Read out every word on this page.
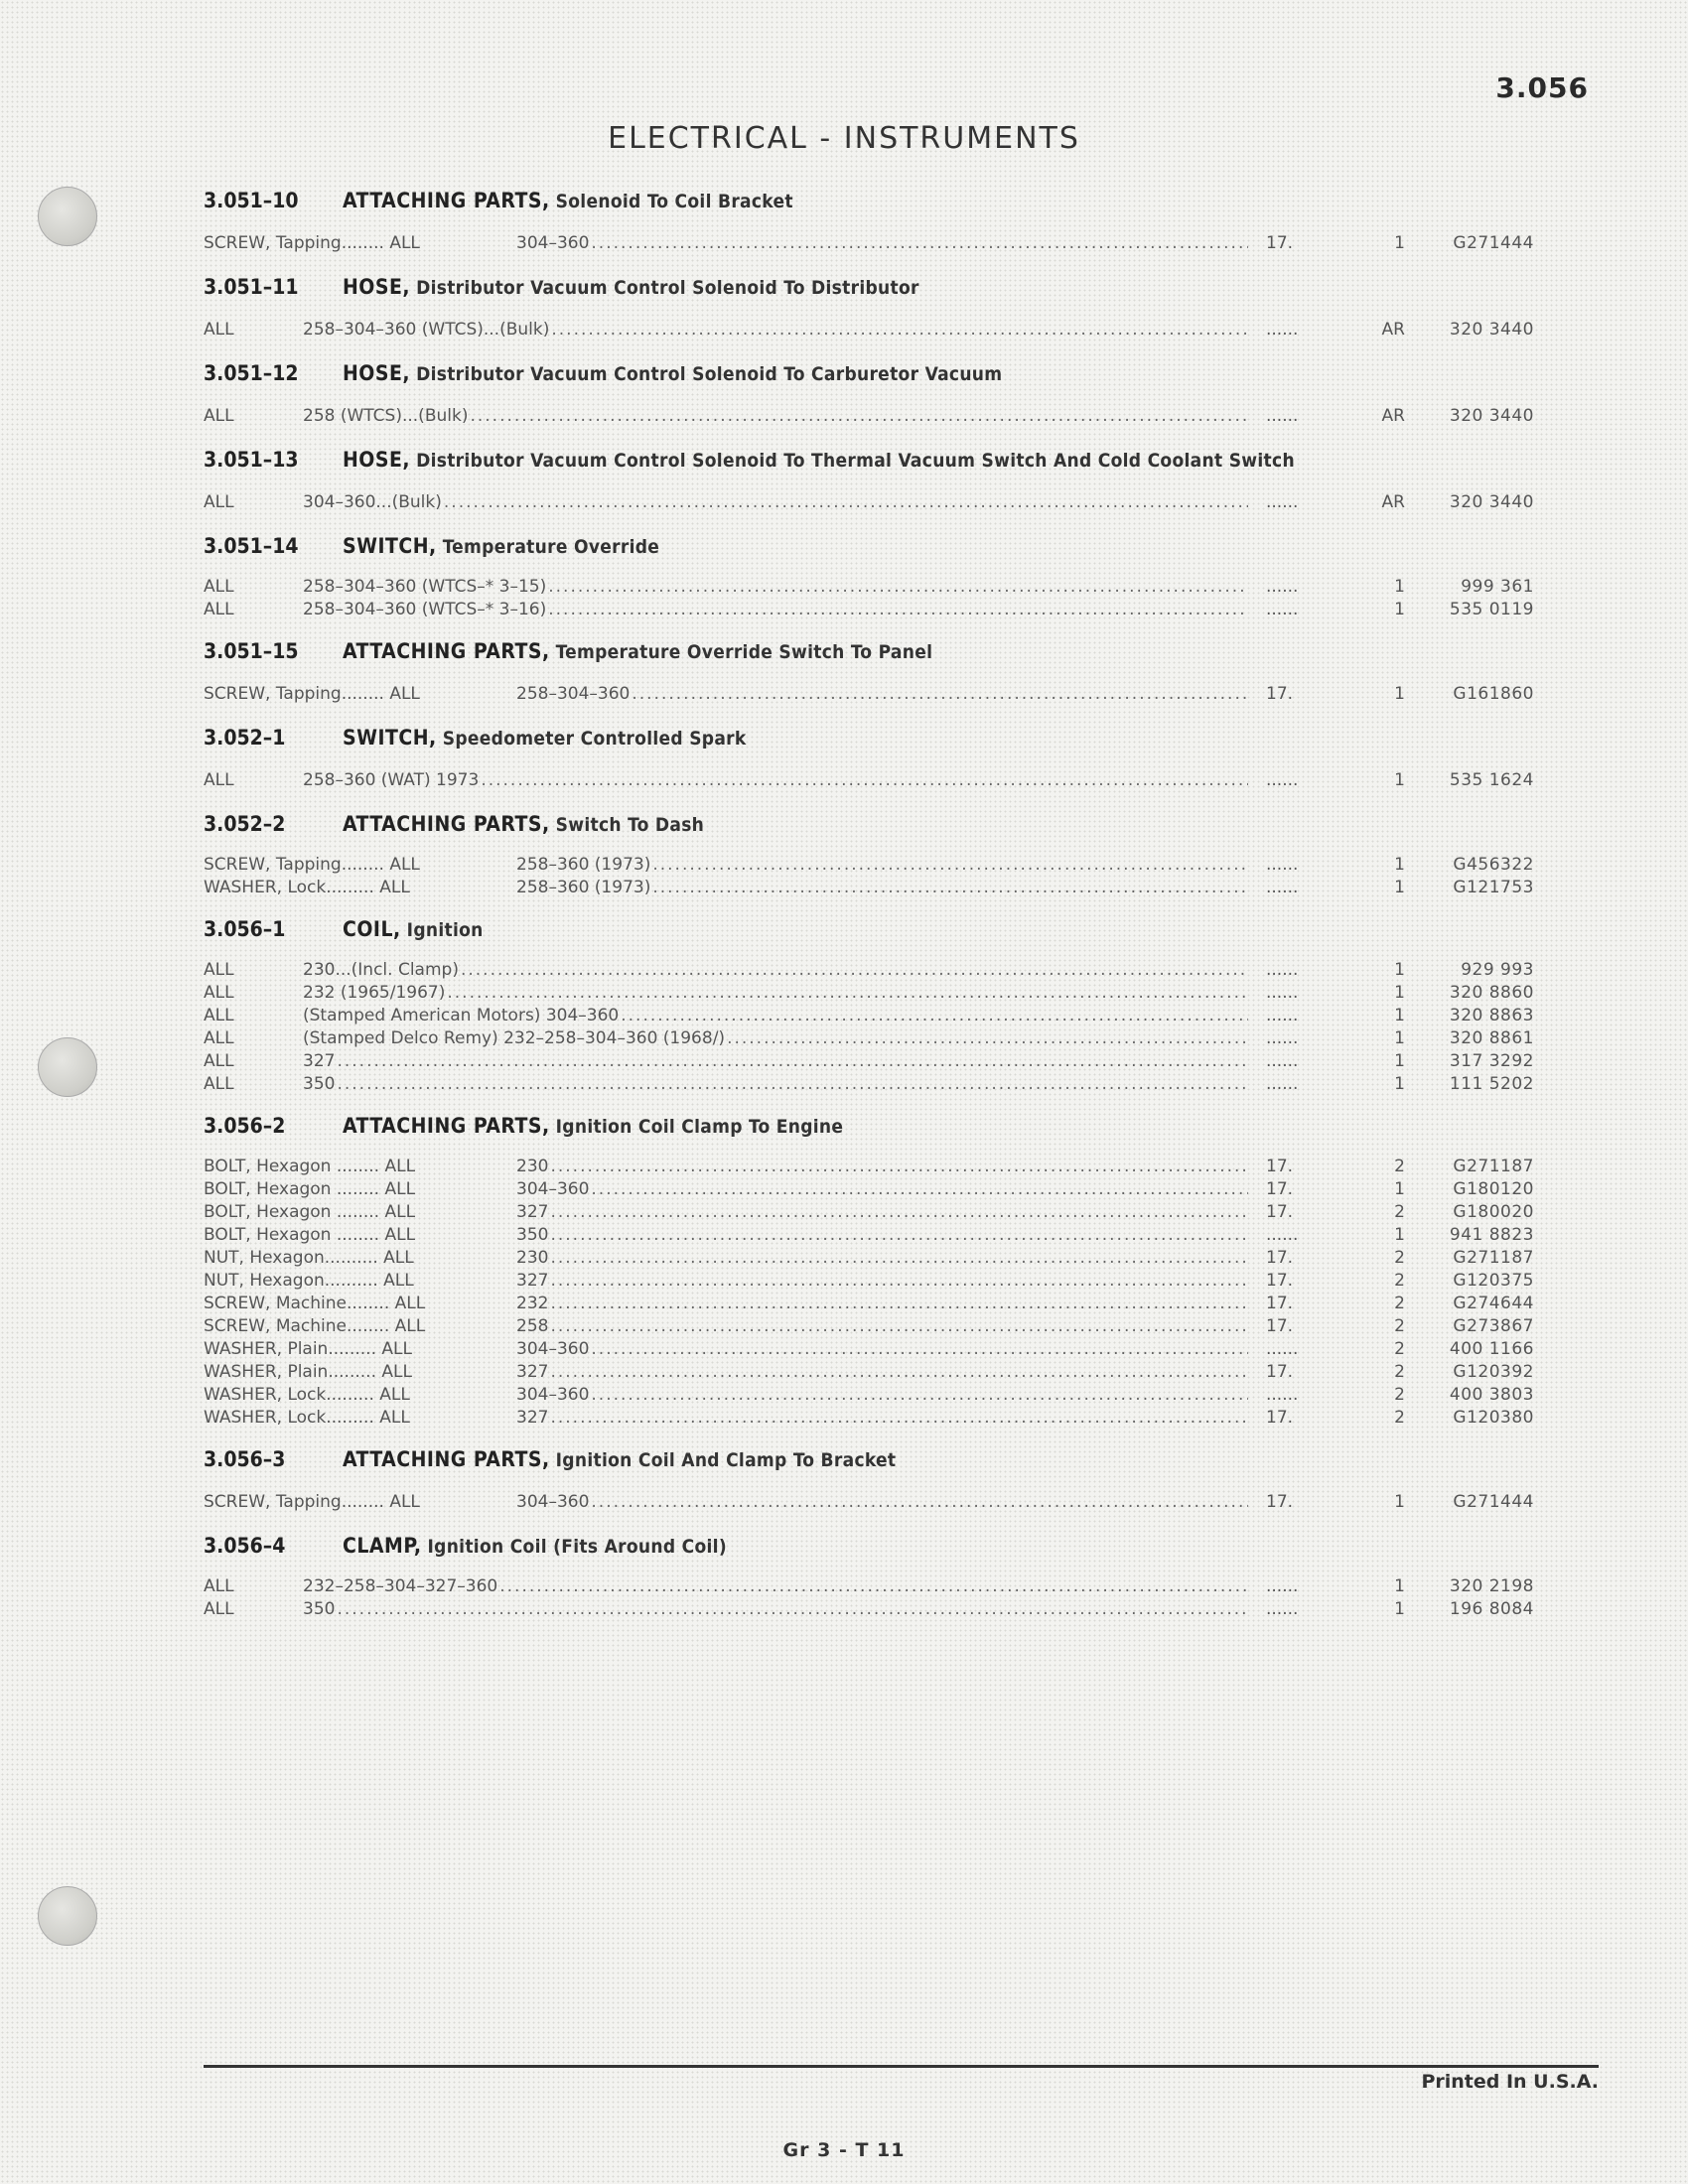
3.056
ELECTRICAL - INSTRUMENTS
3.051–10 ATTACHING PARTS, Solenoid To Coil Bracket
SCREW, Tapping........ ALL	304–360 .....	17.	1	G271444
3.051–11 HOSE, Distributor Vacuum Control Solenoid To Distributor
ALL	258–304–360 (WTCS)...(Bulk) .....	......	AR	320 3440
3.051–12 HOSE, Distributor Vacuum Control Solenoid To Carburetor Vacuum
ALL	258 (WTCS)...(Bulk) .....	......	AR	320 3440
3.051–13 HOSE, Distributor Vacuum Control Solenoid To Thermal Vacuum Switch And Cold Coolant Switch
ALL	304–360...(Bulk) .....	......	AR	320 3440
3.051–14 SWITCH, Temperature Override
ALL	258–304–360 (WTCS–* 3–15) .....	......	1	999 361
ALL	258–304–360 (WTCS–* 3–16) .....	......	1	535 0119
3.051–15 ATTACHING PARTS, Temperature Override Switch To Panel
SCREW, Tapping........ ALL	258–304–360 .....	17.	1	G161860
3.052–1	SWITCH, Speedometer Controlled Spark
ALL	258–360 (WAT) 1973 .....	......	1	535 1624
3.052–2	ATTACHING PARTS, Switch To Dash
SCREW, Tapping........ ALL	258–360 (1973) .....	......	1	G456322
WASHER, Lock......... ALL	258–360 (1973) .....	......	1	G121753
3.056–1	COIL, Ignition
ALL	230...(Incl. Clamp) .....	......	1	929 993
ALL	232 (1965/1967) .....	......	1	320 8860
ALL	(Stamped American Motors) 304–360 .....	......	1	320 8863
ALL	(Stamped Delco Remy) 232–258–304–360 (1968/) .....	......	1	320 8861
ALL	327 .....	......	1	317 3292
ALL	350 .....	......	1	111 5202
3.056–2	ATTACHING PARTS, Ignition Coil Clamp To Engine
BOLT, Hexagon ........ ALL	230 .....	17.	2	G271187
BOLT, Hexagon ........ ALL	304–360 .....	17.	1	G180120
BOLT, Hexagon ........ ALL	327 .....	17.	2	G180020
BOLT, Hexagon ........ ALL	350 .....	......	1	941 8823
NUT, Hexagon.......... ALL	230 .....	17.	2	G271187
NUT, Hexagon.......... ALL	327 .....	17.	2	G120375
SCREW, Machine........ ALL	232 .....	17.	2	G274644
SCREW, Machine........ ALL	258 .....	17.	2	G273867
WASHER, Plain......... ALL	304–360 .....	......	2	400 1166
WASHER, Plain......... ALL	327 .....	17.	2	G120392
WASHER, Lock......... ALL	304–360 .....	......	2	400 3803
WASHER, Lock......... ALL	327 .....	17.	2	G120380
3.056–3	ATTACHING PARTS, Ignition Coil And Clamp To Bracket
SCREW, Tapping........ ALL	304–360 .....	17.	1	G271444
3.056–4	CLAMP, Ignition Coil (Fits Around Coil)
ALL	232–258–304–327–360 .....	......	1	320 2198
ALL	350 .....	......	1	196 8084
Printed In U.S.A.
Gr 3 - T 11
